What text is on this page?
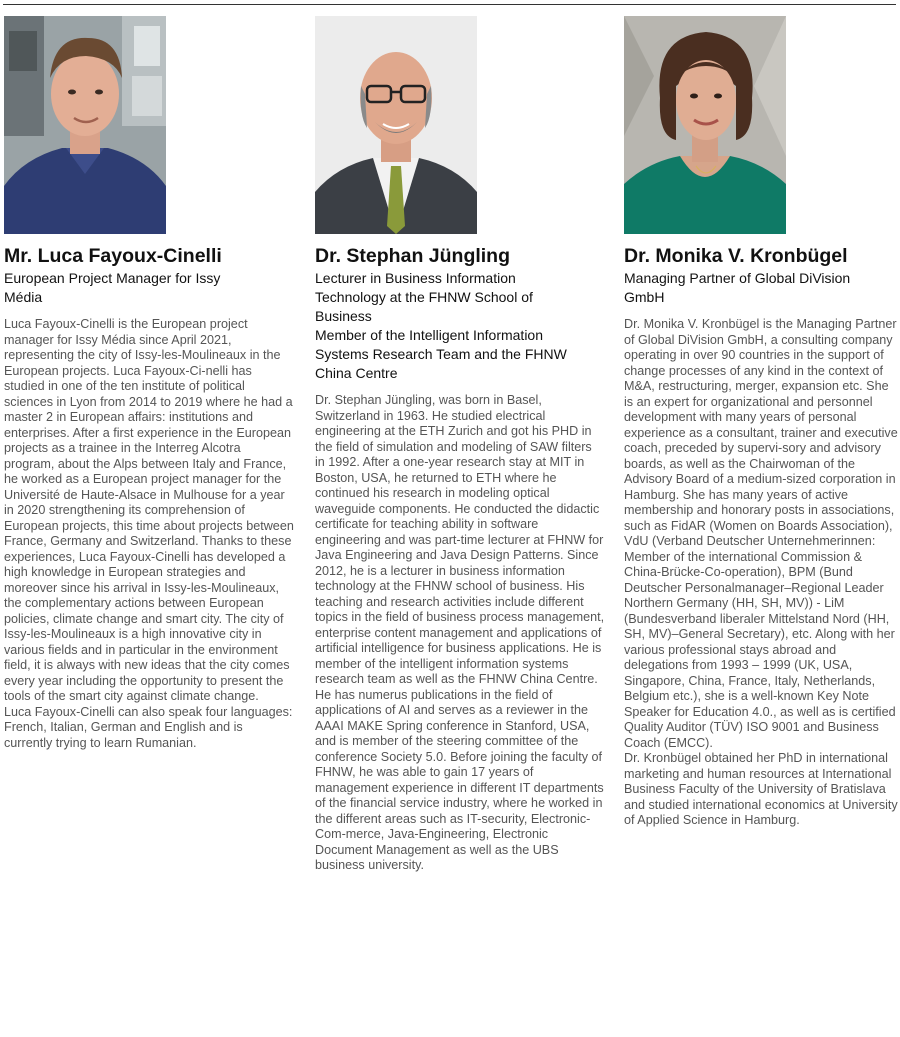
Mr. Luca Fayoux-Cinelli
European Project Manager for Issy
Média

Luca Fayoux-Cinelli is the European project manager for Issy Média since April 2021, representing the city of Issy-les-Moulineaux in the European projects. Luca Fayoux-Ci-nelli has studied in one of the ten institute of political sciences in Lyon from 2014 to 2019 where he had a master 2 in European affairs: institutions and enterprises. After a first experience in the European projects as a trainee in the Interreg Alcotra program, about the Alps between Italy and France, he worked as a European project manager for the Université de Haute-Alsace in Mulhouse for a year in 2020 strengthening its comprehension of European projects, this time about projects between France, Germany and Switzerland. Thanks to these experiences, Luca Fayoux-Cinelli has developed a high knowledge in European strategies and moreover since his arrival in Issy-les-Moulineaux, the complementary actions between European policies, climate change and smart city. The city of Issy-les-Moulineaux is a high innovative city in various fields and in particular in the environment field, it is always with new ideas that the city comes every year including the opportunity to present the tools of the smart city against climate change.

Luca Fayoux-Cinelli can also speak four languages: French, Italian, German and English and is currently trying to learn Rumanian.

Dr. Stephan Jüngling
Lecturer in Business Information
Technology at the FHNW School of
Business
Member of the Intelligent Information
Systems Research Team and the FHNW
China Centre

Dr. Stephan Jüngling, was born in Basel, Switzerland in 1963. He studied electrical engineering at the ETH Zurich and got his PHD in the field of simulation and modeling of SAW filters in 1992. After a one-year research stay at MIT in Boston, USA, he returned to ETH where he continued his research in modeling optical waveguide components. He conducted the didactic certificate for teaching ability in software engineering and was part-time lecturer at FHNW for Java Engineering and Java Design Patterns. Since 2012, he is a lecturer in business information technology at the FHNW school of business. His teaching and research activities include different topics in the field of business process management, enterprise content management and applications of artificial intelligence for business applications. He is member of the intelligent information systems research team as well as the FHNW China Centre. He has numerus publications in the field of applications of AI and serves as a reviewer in the AAAI MAKE Spring conference in Stanford, USA, and is member of the steering committee of the conference Society 5.0. Before joining the faculty of FHNW, he was able to gain 17 years of management experience in different IT departments of the financial service industry, where he worked in the different areas such as IT-security, Electronic-Com-merce, Java-Engineering, Electronic Document Management as well as the UBS business university.

Dr. Monika V. Kronbügel
Managing Partner of Global DiVision
GmbH

Dr. Monika V. Kronbügel is the Managing Partner of Global DiVision GmbH, a consulting company operating in over 90 countries in the support of change processes of any kind in the context of M&A, restructuring, merger, expansion etc. She is an expert for organizational and personnel development with many years of personal experience as a consultant, trainer and executive coach, preceded by supervi-sory and advisory boards, as well as the Chairwoman of the Advisory Board of a medium-sized corporation in Hamburg. She has many years of active membership and honorary posts in associations, such as FidAR (Women on Boards Association), VdU (Verband Deutscher Unternehmerinnen: Member of the international Commission & China-Brücke-Co-operation), BPM (Bund Deutscher Personalmanager–Regional Leader Northern Germany (HH, SH, MV)) - LiM (Bundesverband liberaler Mittelstand Nord (HH, SH, MV)–General Secretary), etc. Along with her various professional stays abroad and delegations from 1993 – 1999 (UK, USA, Singapore, China, France, Italy, Netherlands, Belgium etc.), she is a well-known Key Note Speaker for Education 4.0., as well as is certified Quality Auditor (TÜV) ISO 9001 and Business Coach (EMCC).

Dr. Kronbügel obtained her PhD in international marketing and human resources at International Business Faculty of the University of Bratislava and studied international economics at University of Applied Science in Hamburg.
